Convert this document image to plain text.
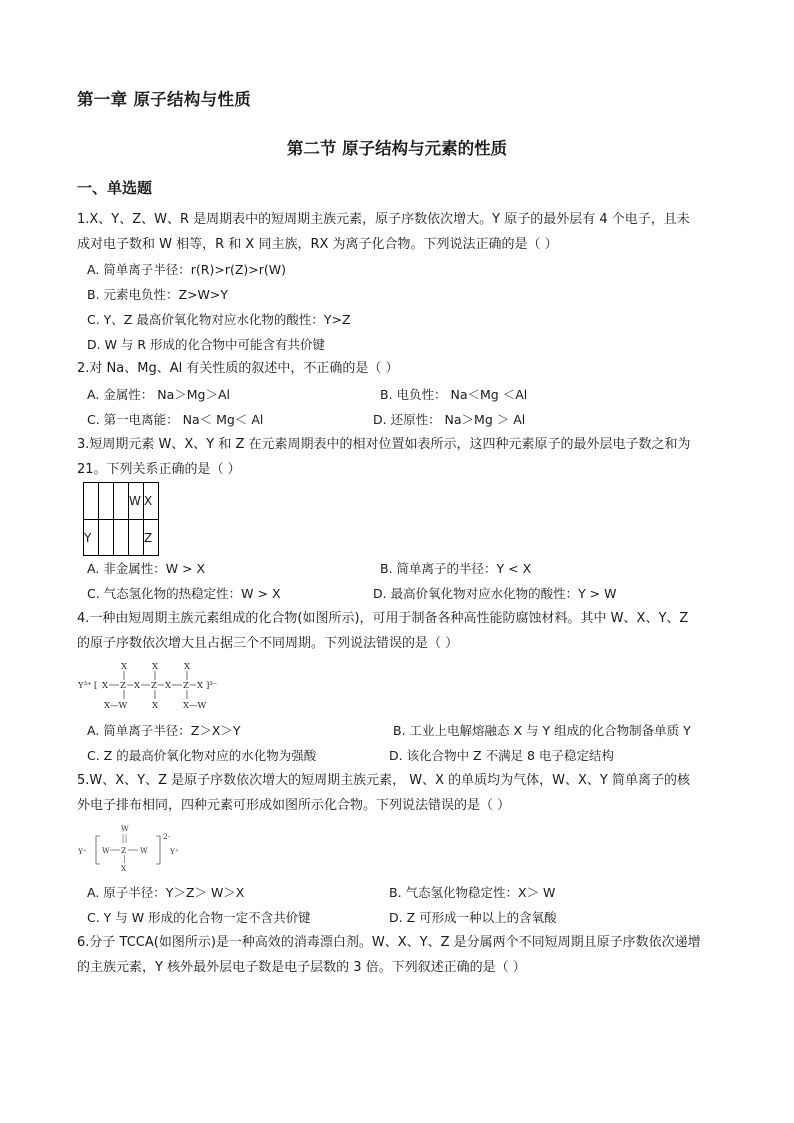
第一章 原子结构与性质
第二节 原子结构与元素的性质
一、单选题
1.X、Y、Z、W、R 是周期表中的短周期主族元素，原子序数依次增大。Y 原子的最外层有 4 个电子，且未
成对电子数和 W 相等，R 和 X 同主族，RX 为离子化合物。下列说法正确的是（ ）
A. 简单离子半径：r(R)>r(Z)>r(W)
B. 元素电负性：Z>W>Y
C. Y、Z 最高价氧化物对应水化物的酸性：Y>Z
D. W 与 R 形成的化合物中可能含有共价键
2.对 Na、Mg、Al 有关性质的叙述中，不正确的是（ ）
A. 金属性： Na＞Mg＞Al	B. 电负性： Na＜Mg ＜Al
C. 第一电离能： Na＜ Mg＜ Al	D. 还原性： Na＞Mg ＞ Al
3.短周期元素 W、X、Y 和 Z 在元素周期表中的相对位置如表所示，这四种元素原子的最外层电子数之和为
21。下列关系正确的是（ ）
			W	X
Y				Z
A. 非金属性：W > X	B. 简单离子的半径：Y < X
C. 气态氢化物的热稳定性：W > X	D. 最高价氧化物对应水化物的酸性：Y > W
4.一种由短周期主族元素组成的化合物(如图所示)，可用于制备各种高性能防腐蚀材料。其中 W、X、Y、Z
的原子序数依次增大且占据三个不同周期。下列说法错误的是（ ）
X	X	X
Y³⁺ [ X Z X Z X Z X ]³⁻
X—W	X	X—W
A. 简单离子半径：Z＞X＞Y	B. 工业上电解熔融态 X 与 Y 组成的化合物制备单质 Y
C. Z 的最高价氧化物对应的水化物为强酸	D. 该化合物中 Z 不满足 8 电子稳定结构
5.W、X、Y、Z 是原子序数依次增大的短周期主族元素， W、X 的单质均为气体，W、X、Y 简单离子的核
外电子排布相同，四种元素可形成如图所示化合物。下列说法错误的是（ ）
Y⁺ W Z W
W
X
2-
Y⁺
A. 原子半径：Y＞Z＞ W＞X	B. 气态氢化物稳定性：X＞ W
C. Y 与 W 形成的化合物一定不含共价键	D. Z 可形成一种以上的含氧酸
6.分子 TCCA(如图所示)是一种高效的消毒漂白剂。W、X、Y、Z 是分属两个不同短周期且原子序数依次递增
的主族元素，Y 核外最外层电子数是电子层数的 3 倍。下列叙述正确的是（ ）
